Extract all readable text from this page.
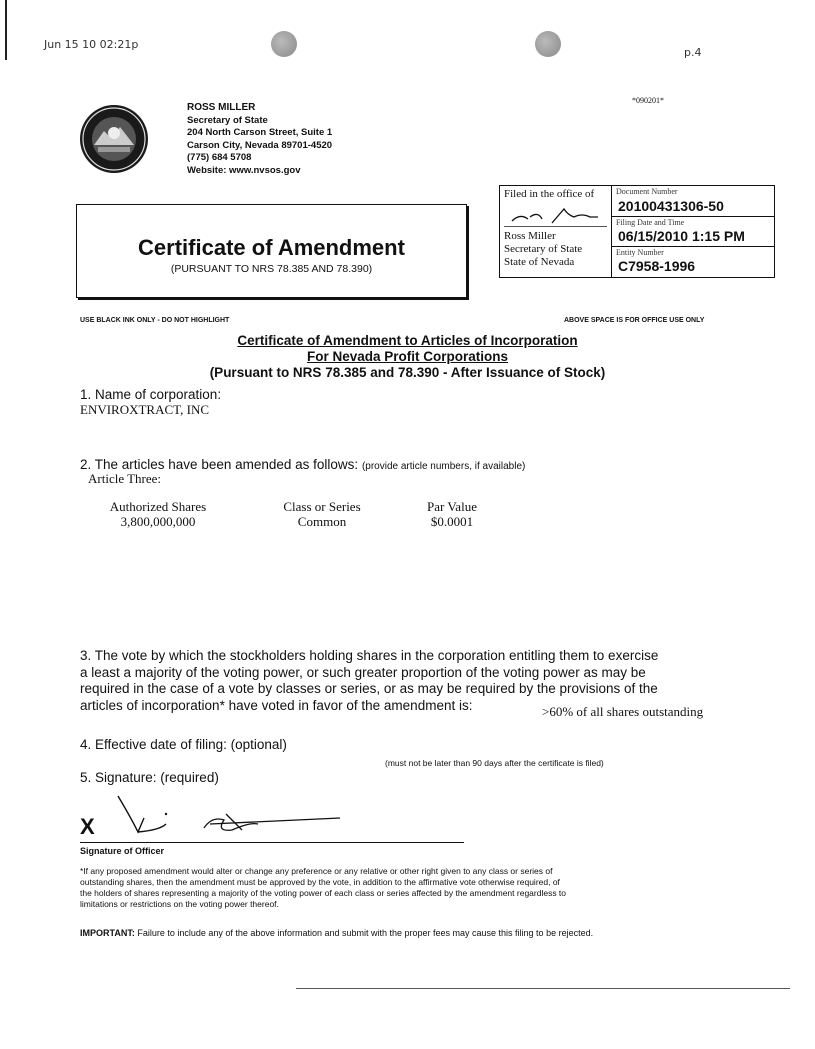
Jun 15 10 02:21p
p.4
*090201*
ROSS MILLER
Secretary of State
204 North Carson Street, Suite 1
Carson City, Nevada 89701-4520
(775) 684 5708
Website: www.nvsos.gov
Certificate of Amendment
(PURSUANT TO NRS 78.385 AND 78.390)
Filed in the office of
Ross Miller
Secretary of State
State of Nevada
Document Number
20100431306-50
Filing Date and Time
06/15/2010 1:15 PM
Entity Number
C7958-1996
USE BLACK INK ONLY - DO NOT HIGHLIGHT	ABOVE SPACE IS FOR OFFICE USE ONLY
Certificate of Amendment to Articles of Incorporation
For Nevada Profit Corporations
(Pursuant to NRS 78.385 and 78.390 - After Issuance of Stock)
1. Name of corporation:
ENVIROXTRACT, INC
2. The articles have been amended as follows: (provide article numbers, if available)
Article Three:
Authorized Shares
3,800,000,000
Class or Series
Common
Par Value
$0.0001
3. The vote by which the stockholders holding shares in the corporation entitling them to exercise
a least a majority of the voting power, or such greater proportion of the voting power as may be
required in the case of a vote by classes or series, or as may be required by the provisions of the
articles of incorporation* have voted in favor of the amendment is:	>60% of all shares outstanding
4. Effective date of filing: (optional)
(must not be later than 90 days after the certificate is filed)
5. Signature: (required)
X
Signature of Officer
*If any proposed amendment would alter or change any preference or any relative or other right given to any class or series of
outstanding shares, then the amendment must be approved by the vote, in addition to the affirmative vote otherwise required, of
the holders of shares representing a majority of the voting power of each class or series affected by the amendment regardless to
limitations or restrictions on the voting power thereof.
IMPORTANT: Failure to include any of the above information and submit with the proper fees may cause this filing to be rejected.
